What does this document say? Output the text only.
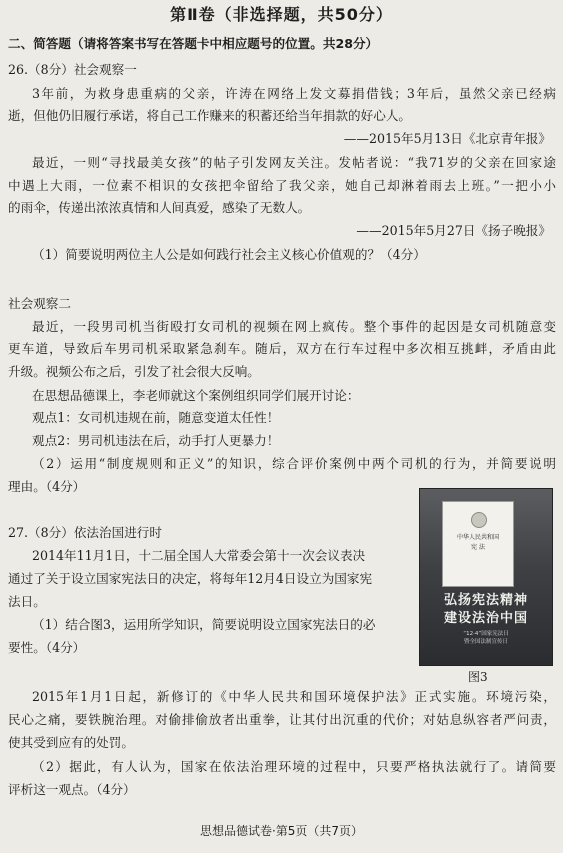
第Ⅱ卷（非选择题，共50分）
二、简答题（请将答案书写在答题卡中相应题号的位置。共28分）
26.（8分）社会观察一
3年前，为救身患重病的父亲，许涛在网络上发文募捐借钱；3年后，虽然父亲已经病
逝，但他仍旧履行承诺，将自己工作赚来的积蓄还给当年捐款的好心人。
——2015年5月13日《北京青年报》
最近，一则“寻找最美女孩”的帖子引发网友关注。发帖者说：“我71岁的父亲在回家途
中遇上大雨，一位素不相识的女孩把伞留给了我父亲，她自己却淋着雨去上班。”一把小小
的雨伞，传递出浓浓真情和人间真爱，感染了无数人。
——2015年5月27日《扬子晚报》
（1）简要说明两位主人公是如何践行社会主义核心价值观的？（4分）
社会观察二
最近，一段男司机当街殴打女司机的视频在网上疯传。整个事件的起因是女司机随意变
更车道，导致后车男司机采取紧急刹车。随后，双方在行车过程中多次相互挑衅，矛盾由此
升级。视频公布之后，引发了社会很大反响。
在思想品德课上，李老师就这个案例组织同学们展开讨论：
观点1：女司机违规在前，随意变道太任性！
观点2：男司机违法在后，动手打人更暴力！
（2）运用“制度规则和正义”的知识，综合评价案例中两个司机的行为，并简要说明
理由。（4分）
27.（8分）依法治国进行时
2014年11月1日，十二届全国人大常委会第十一次会议表决
通过了关于设立国家宪法日的决定，将每年12月4日设立为国家宪
法日。
（1）结合图3，运用所学知识，简要说明设立国家宪法日的必
要性。（4分）
中华人民共和国
宪 法
弘扬宪法精神
建设法治中国
“12·4”国家宪法日
暨全国法制宣传日
图3
2015年1月1日起，新修订的《中华人民共和国环境保护法》正式实施。环境污染，
民心之痛，要铁腕治理。对偷排偷放者出重拳，让其付出沉重的代价；对姑息纵容者严问责，
使其受到应有的处罚。
（2）据此，有人认为，国家在依法治理环境的过程中，只要严格执法就行了。请简要
评析这一观点。（4分）
思想品德试卷·第5页（共7页）
